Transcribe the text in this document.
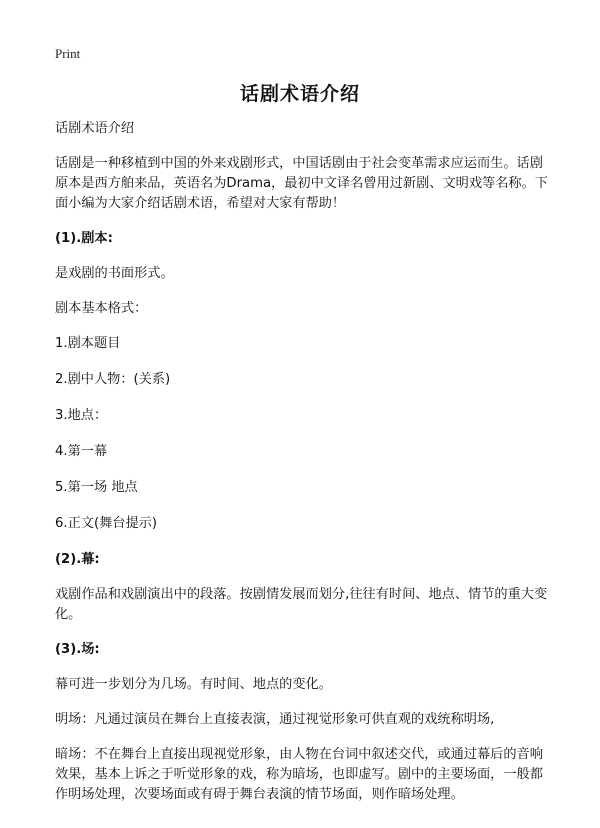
Print
话剧术语介绍

话剧术语介绍

话剧是一种移植到中国的外来戏剧形式，中国话剧由于社会变革需求应运而生。话剧原本是西方舶来品，英语名为Drama，最初中文译名曾用过新剧、文明戏等名称。下面小编为大家介绍话剧术语，希望对大家有帮助！

(1).剧本:

是戏剧的书面形式。

剧本基本格式：

1.剧本题目

2.剧中人物：(关系)

3.地点：

4.第一幕

5.第一场 地点

6.正文(舞台提示)

(2).幕:

戏剧作品和戏剧演出中的段落。按剧情发展而划分,往往有时间、地点、情节的重大变化。

(3).场:

幕可进一步划分为几场。有时间、地点的变化。

明场：凡通过演员在舞台上直接表演，通过视觉形象可供直观的戏统称明场,

暗场：不在舞台上直接出现视觉形象，由人物在台词中叙述交代，或通过幕后的音响效果，基本上诉之于听觉形象的戏，称为暗场，也即虚写。剧中的主要场面，一般都作明场处理，次要场面或有碍于舞台表演的情节场面，则作暗场处理。
